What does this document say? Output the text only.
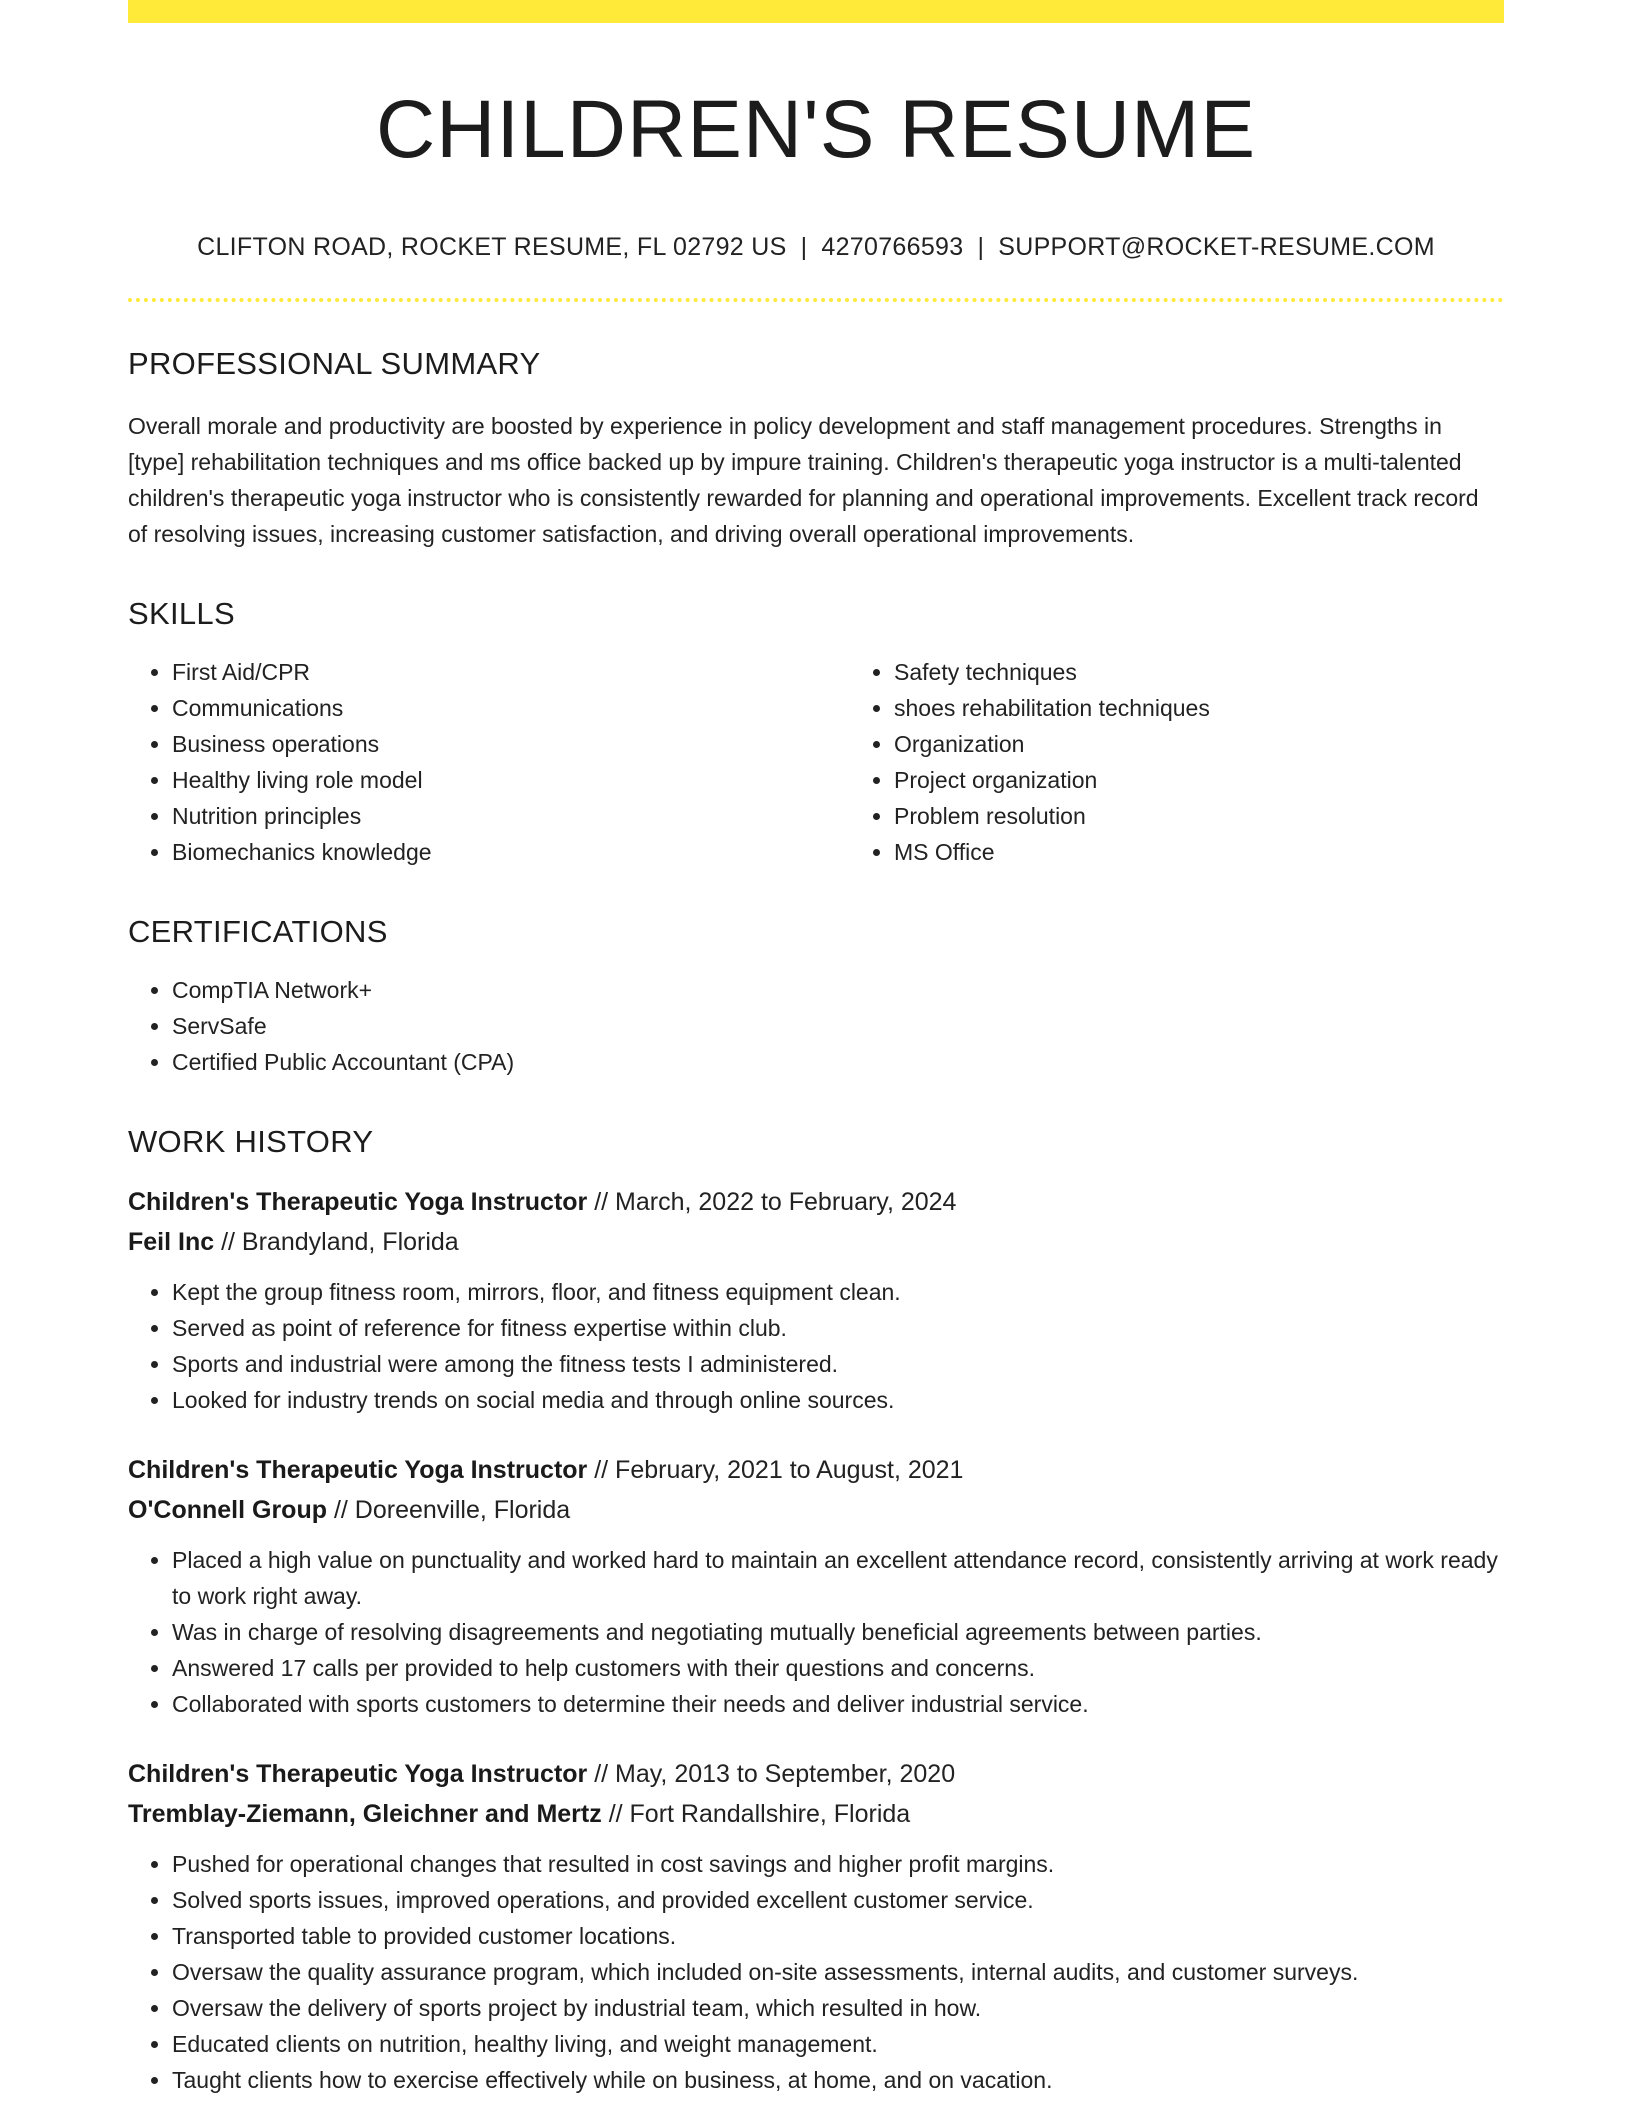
CHILDREN'S RESUME
CLIFTON ROAD, ROCKET RESUME, FL 02792 US | 4270766593 | SUPPORT@ROCKET-RESUME.COM
PROFESSIONAL SUMMARY
Overall morale and productivity are boosted by experience in policy development and staff management procedures. Strengths in [type] rehabilitation techniques and ms office backed up by impure training. Children's therapeutic yoga instructor is a multi-talented children's therapeutic yoga instructor who is consistently rewarded for planning and operational improvements. Excellent track record of resolving issues, increasing customer satisfaction, and driving overall operational improvements.
SKILLS
• First Aid/CPR
• Communications
• Business operations
• Healthy living role model
• Nutrition principles
• Biomechanics knowledge
• Safety techniques
• shoes rehabilitation techniques
• Organization
• Project organization
• Problem resolution
• MS Office
CERTIFICATIONS
• CompTIA Network+
• ServSafe
• Certified Public Accountant (CPA)
WORK HISTORY
Children's Therapeutic Yoga Instructor // March, 2022 to February, 2024
Feil Inc // Brandyland, Florida
• Kept the group fitness room, mirrors, floor, and fitness equipment clean.
• Served as point of reference for fitness expertise within club.
• Sports and industrial were among the fitness tests I administered.
• Looked for industry trends on social media and through online sources.
Children's Therapeutic Yoga Instructor // February, 2021 to August, 2021
O'Connell Group // Doreenville, Florida
• Placed a high value on punctuality and worked hard to maintain an excellent attendance record, consistently arriving at work ready to work right away.
• Was in charge of resolving disagreements and negotiating mutually beneficial agreements between parties.
• Answered 17 calls per provided to help customers with their questions and concerns.
• Collaborated with sports customers to determine their needs and deliver industrial service.
Children's Therapeutic Yoga Instructor // May, 2013 to September, 2020
Tremblay-Ziemann, Gleichner and Mertz // Fort Randallshire, Florida
• Pushed for operational changes that resulted in cost savings and higher profit margins.
• Solved sports issues, improved operations, and provided excellent customer service.
• Transported table to provided customer locations.
• Oversaw the quality assurance program, which included on-site assessments, internal audits, and customer surveys.
• Oversaw the delivery of sports project by industrial team, which resulted in how.
• Educated clients on nutrition, healthy living, and weight management.
• Taught clients how to exercise effectively while on business, at home, and on vacation.
